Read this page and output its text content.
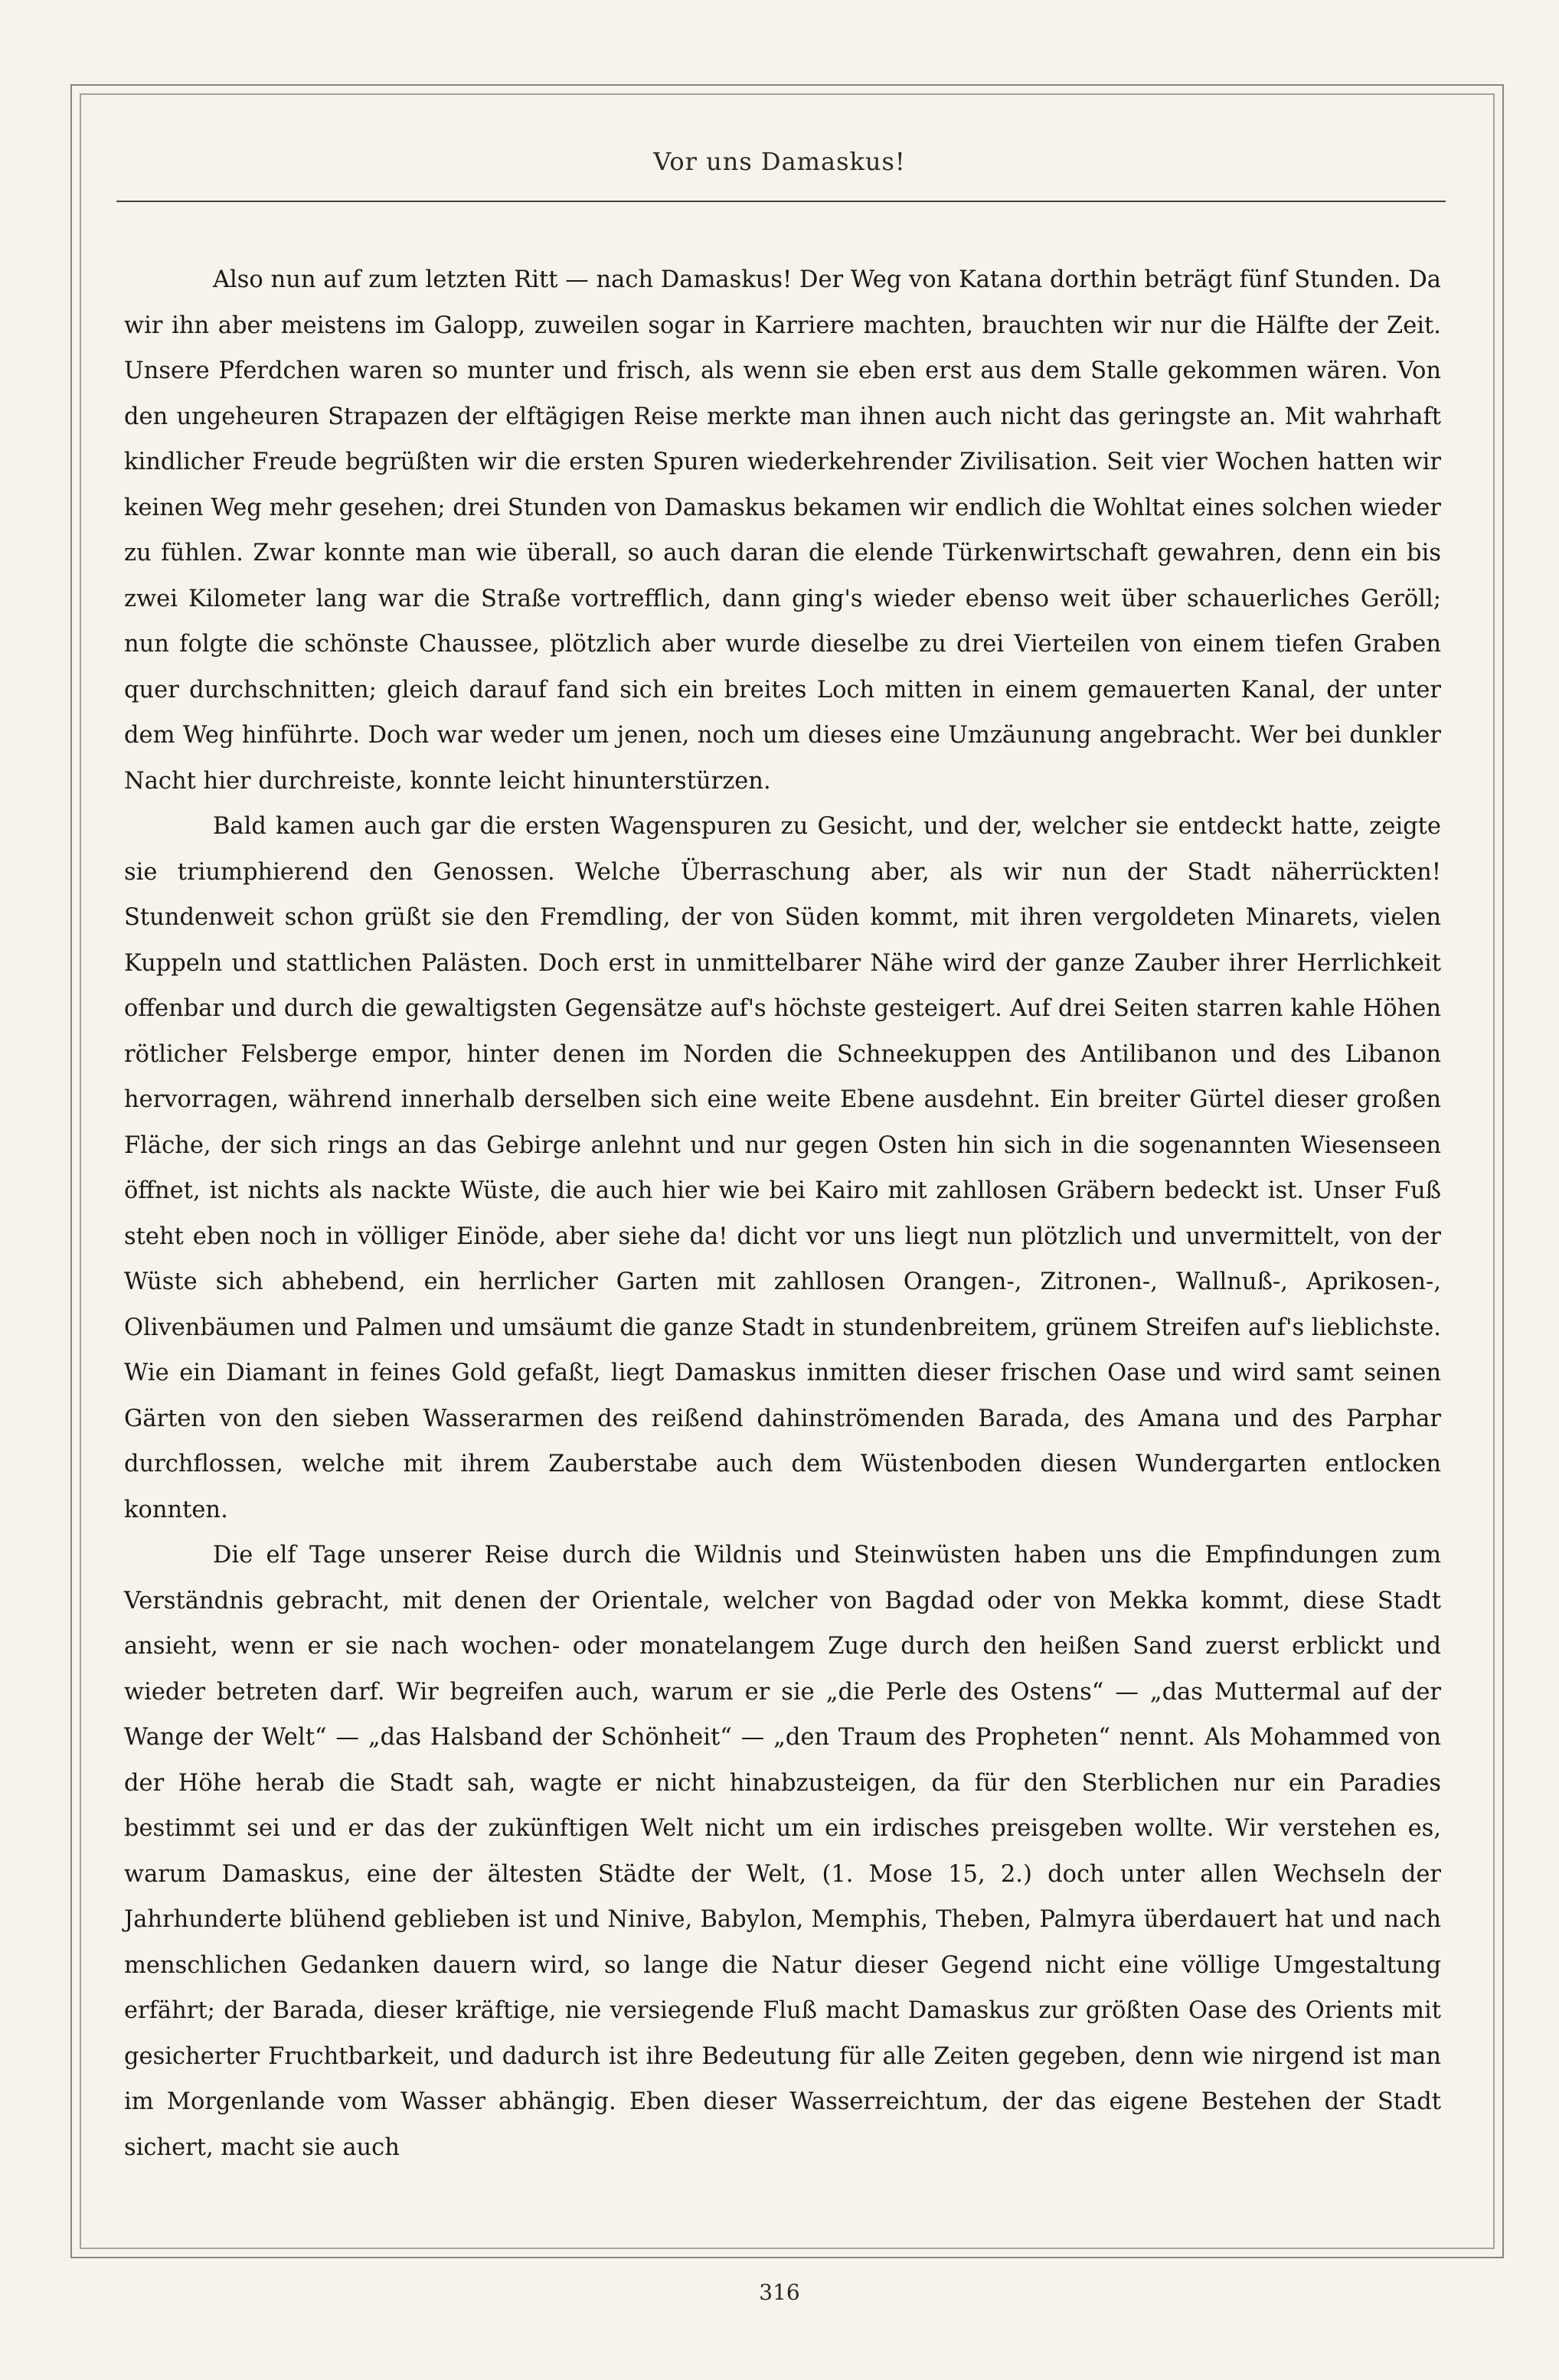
Vor uns Damaskus!

Also nun auf zum letzten Ritt — nach Damaskus! Der Weg von Katana dorthin beträgt fünf Stunden. Da wir ihn aber meistens im Galopp, zuweilen sogar in Karriere machten, brauchten wir nur die Hälfte der Zeit. Unsere Pferdchen waren so munter und frisch, als wenn sie eben erst aus dem Stalle gekommen wären. Von den ungeheuren Strapazen der elftägigen Reise merkte man ihnen auch nicht das geringste an. Mit wahrhaft kindlicher Freude begrüßten wir die ersten Spuren wiederkehrender Zivilisation. Seit vier Wochen hatten wir keinen Weg mehr gesehen; drei Stunden von Damaskus bekamen wir endlich die Wohltat eines solchen wieder zu fühlen. Zwar konnte man wie überall, so auch daran die elende Türkenwirtschaft gewahren, denn ein bis zwei Kilometer lang war die Straße vortrefflich, dann ging's wieder ebenso weit über schauerliches Geröll; nun folgte die schönste Chaussee, plötzlich aber wurde dieselbe zu drei Vierteilen von einem tiefen Graben quer durchschnitten; gleich darauf fand sich ein breites Loch mitten in einem gemauerten Kanal, der unter dem Weg hinführte. Doch war weder um jenen, noch um dieses eine Umzäunung angebracht. Wer bei dunkler Nacht hier durchreiste, konnte leicht hinunterstürzen.

Bald kamen auch gar die ersten Wagenspuren zu Gesicht, und der, welcher sie entdeckt hatte, zeigte sie triumphierend den Genossen. Welche Überraschung aber, als wir nun der Stadt näherrückten! Stundenweit schon grüßt sie den Fremdling, der von Süden kommt, mit ihren vergoldeten Minarets, vielen Kuppeln und stattlichen Palästen. Doch erst in unmittelbarer Nähe wird der ganze Zauber ihrer Herrlichkeit offenbar und durch die gewaltigsten Gegensätze auf's höchste gesteigert. Auf drei Seiten starren kahle Höhen rötlicher Felsberge empor, hinter denen im Norden die Schneekuppen des Antilibanon und des Libanon hervorragen, während innerhalb derselben sich eine weite Ebene ausdehnt. Ein breiter Gürtel dieser großen Fläche, der sich rings an das Gebirge anlehnt und nur gegen Osten hin sich in die sogenannten Wiesenseen öffnet, ist nichts als nackte Wüste, die auch hier wie bei Kairo mit zahllosen Gräbern bedeckt ist. Unser Fuß steht eben noch in völliger Einöde, aber siehe da! dicht vor uns liegt nun plötzlich und unvermittelt, von der Wüste sich abhebend, ein herrlicher Garten mit zahllosen Orangen-, Zitronen-, Wallnuß-, Aprikosen-, Olivenbäumen und Palmen und umsäumt die ganze Stadt in stundenbreitem, grünem Streifen auf's lieblichste. Wie ein Diamant in feines Gold gefaßt, liegt Damaskus inmitten dieser frischen Oase und wird samt seinen Gärten von den sieben Wasserarmen des reißend dahinströmenden Barada, des Amana und des Parphar durchflossen, welche mit ihrem Zauberstabe auch dem Wüstenboden diesen Wundergarten entlocken konnten.

Die elf Tage unserer Reise durch die Wildnis und Steinwüsten haben uns die Empfindungen zum Verständnis gebracht, mit denen der Orientale, welcher von Bagdad oder von Mekka kommt, diese Stadt ansieht, wenn er sie nach wochen- oder monatelangem Zuge durch den heißen Sand zuerst erblickt und wieder betreten darf. Wir begreifen auch, warum er sie „die Perle des Ostens“ — „das Muttermal auf der Wange der Welt“ — „das Halsband der Schönheit“ — „den Traum des Propheten“ nennt. Als Mohammed von der Höhe herab die Stadt sah, wagte er nicht hinabzusteigen, da für den Sterblichen nur ein Paradies bestimmt sei und er das der zukünftigen Welt nicht um ein irdisches preisgeben wollte. Wir verstehen es, warum Damaskus, eine der ältesten Städte der Welt, (1. Mose 15, 2.) doch unter allen Wechseln der Jahrhunderte blühend geblieben ist und Ninive, Babylon, Memphis, Theben, Palmyra überdauert hat und nach menschlichen Gedanken dauern wird, so lange die Natur dieser Gegend nicht eine völlige Umgestaltung erfährt; der Barada, dieser kräftige, nie versiegende Fluß macht Damaskus zur größten Oase des Orients mit gesicherter Fruchtbarkeit, und dadurch ist ihre Bedeutung für alle Zeiten gegeben, denn wie nirgend ist man im Morgenlande vom Wasser abhängig. Eben dieser Wasserreichtum, der das eigene Bestehen der Stadt sichert, macht sie auch

316
